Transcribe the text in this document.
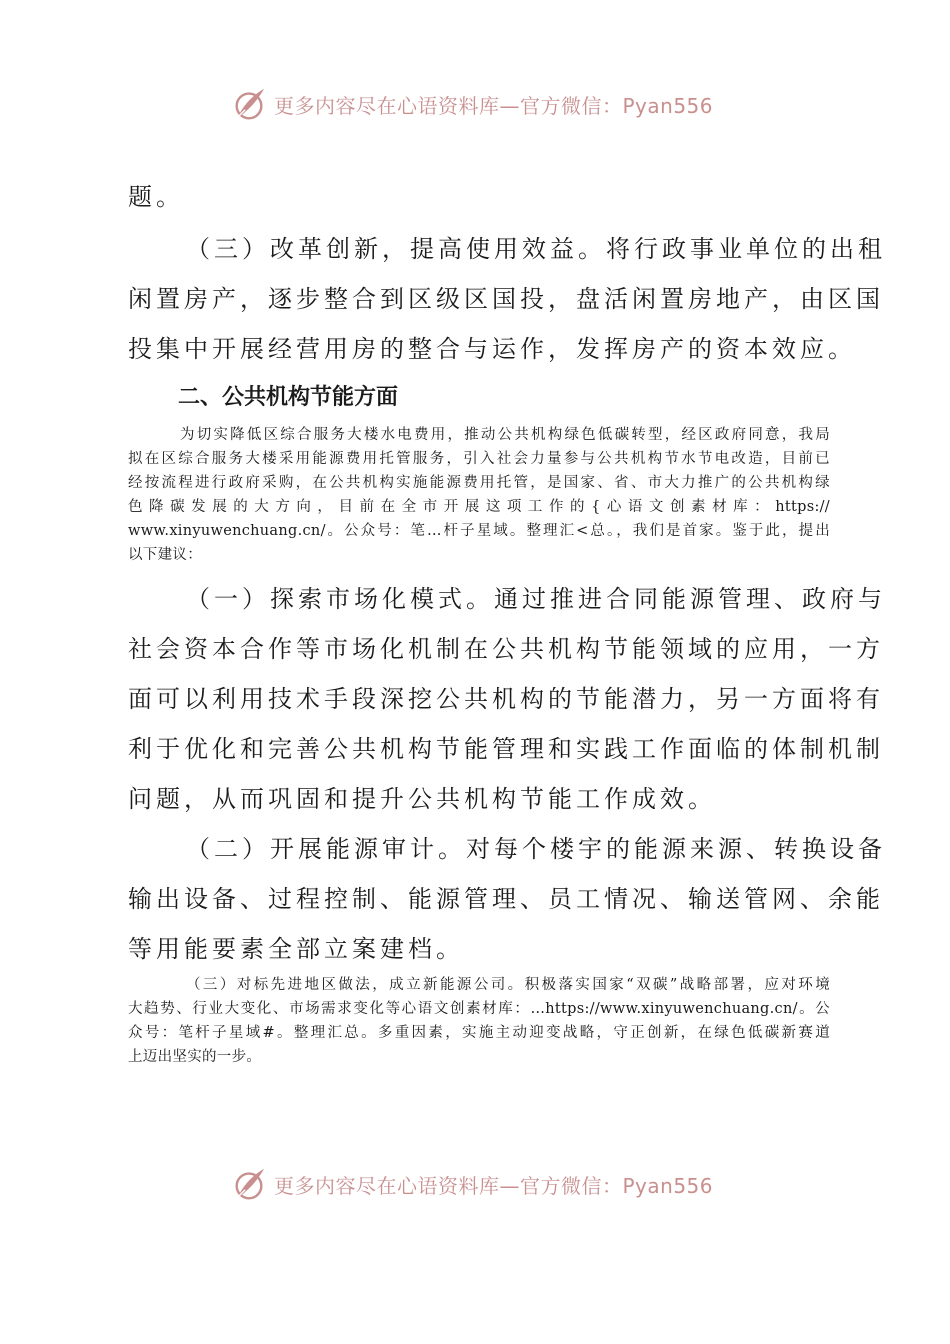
更多内容尽在心语资料库—官方微信：Pyan556
题。
（三）改革创新，提高使用效益。将行政事业单位的出租
闲置房产，逐步整合到区级区国投，盘活闲置房地产，由区国
投集中开展经营用房的整合与运作，发挥房产的资本效应。
二、公共机构节能方面
为切实降低区综合服务大楼水电费用，推动公共机构绿色低碳转型，经区政府同意，我局
拟在区综合服务大楼采用能源费用托管服务，引入社会力量参与公共机构节水节电改造，目前已
经按流程进行政府采购，在公共机构实施能源费用托管，是国家、省、市大力推广的公共机构绿
色降碳发展的大方向，目前在全市开展这项工作的{心语文创素材库：https://
www.xinyuwenchuang.cn/。公众号：笔…杆子星域。整理汇<总。，我们是首家。鉴于此，提出
以下建议：
（一）探索市场化模式。通过推进合同能源管理、政府与
社会资本合作等市场化机制在公共机构节能领域的应用，一方
面可以利用技术手段深挖公共机构的节能潜力，另一方面将有
利于优化和完善公共机构节能管理和实践工作面临的体制机制
问题，从而巩固和提升公共机构节能工作成效。
（二）开展能源审计。对每个楼宇的能源来源、转换设备
输出设备、过程控制、能源管理、员工情况、输送管网、余能
等用能要素全部立案建档。
（三）对标先进地区做法，成立新能源公司。积极落实国家“双碳”战略部署，应对环境
大趋势、行业大变化、市场需求变化等心语文创素材库：…https://www.xinyuwenchuang.cn/。公
众号：笔杆子星域#。整理汇总。多重因素，实施主动迎变战略，守正创新，在绿色低碳新赛道
上迈出坚实的一步。
更多内容尽在心语资料库—官方微信：Pyan556
